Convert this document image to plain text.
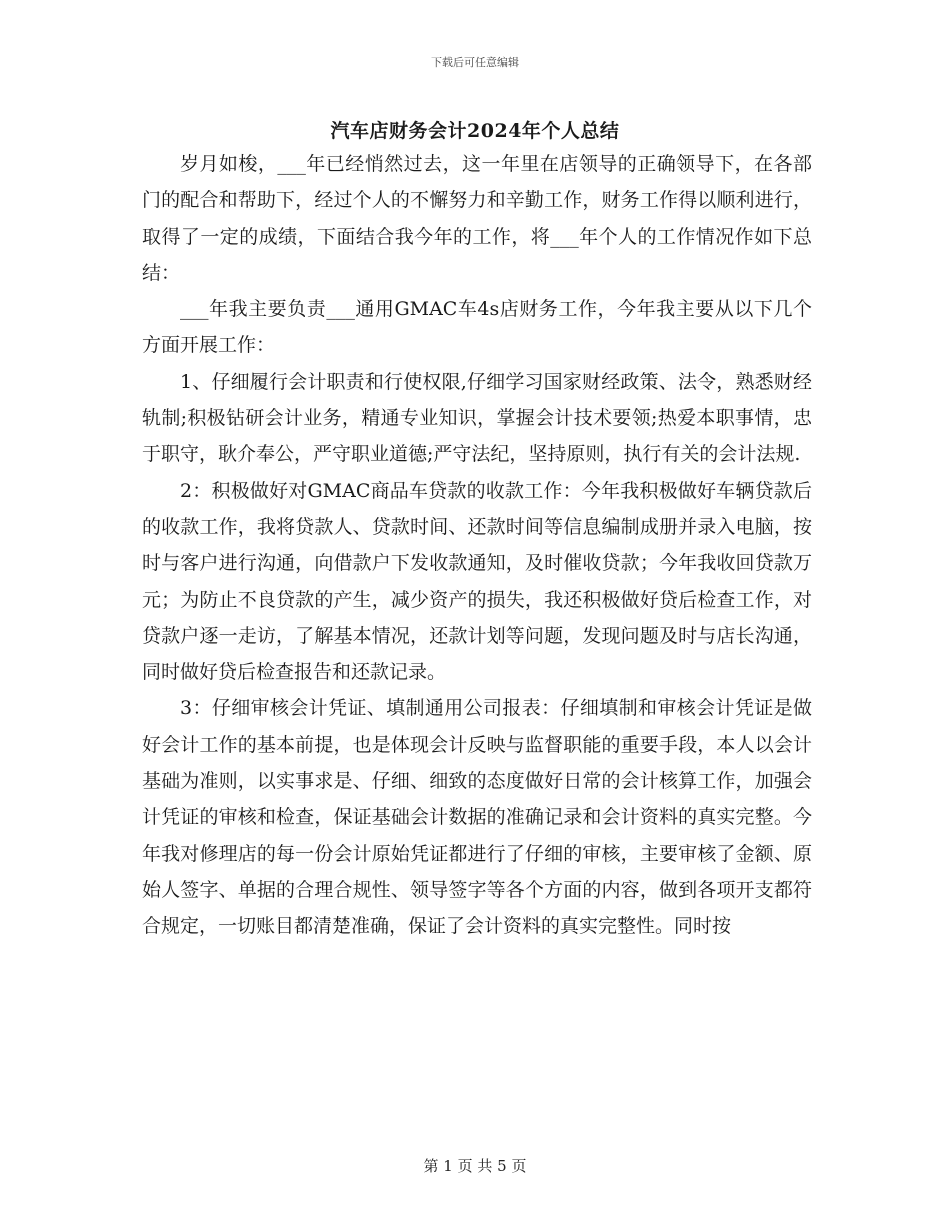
下载后可任意编辑
汽车店财务会计2024年个人总结

岁月如梭，___年已经悄然过去，这一年里在店领导的正确领导下，在各部门的配合和帮助下，经过个人的不懈努力和辛勤工作，财务工作得以顺利进行，取得了一定的成绩，下面结合我今年的工作，将___年个人的工作情况作如下总结：

___年我主要负责___通用GMAC车4s店财务工作，今年我主要从以下几个方面开展工作：

1、仔细履行会计职责和行使权限,仔细学习国家财经政策、法令，熟悉财经轨制;积极钻研会计业务，精通专业知识，掌握会计技术要领;热爱本职事情，忠于职守，耿介奉公，严守职业道德;严守法纪，坚持原则，执行有关的会计法规.

2：积极做好对GMAC商品车贷款的收款工作：今年我积极做好车辆贷款后的收款工作，我将贷款人、贷款时间、还款时间等信息编制成册并录入电脑，按时与客户进行沟通，向借款户下发收款通知，及时催收贷款；今年我收回贷款万元；为防止不良贷款的产生，减少资产的损失，我还积极做好贷后检查工作，对贷款户逐一走访，了解基本情况，还款计划等问题，发现问题及时与店长沟通，同时做好贷后检查报告和还款记录。

3：仔细审核会计凭证、填制通用公司报表：仔细填制和审核会计凭证是做好会计工作的基本前提，也是体现会计反映与监督职能的重要手段，本人以会计基础为准则，以实事求是、仔细、细致的态度做好日常的会计核算工作，加强会计凭证的审核和检查，保证基础会计数据的准确记录和会计资料的真实完整。今年我对修理店的每一份会计原始凭证都进行了仔细的审核，主要审核了金额、原始人签字、单据的合理合规性、领导签字等各个方面的内容，做到各项开支都符合规定，一切账目都清楚准确，保证了会计资料的真实完整性。同时按

第 1 页 共 5 页
